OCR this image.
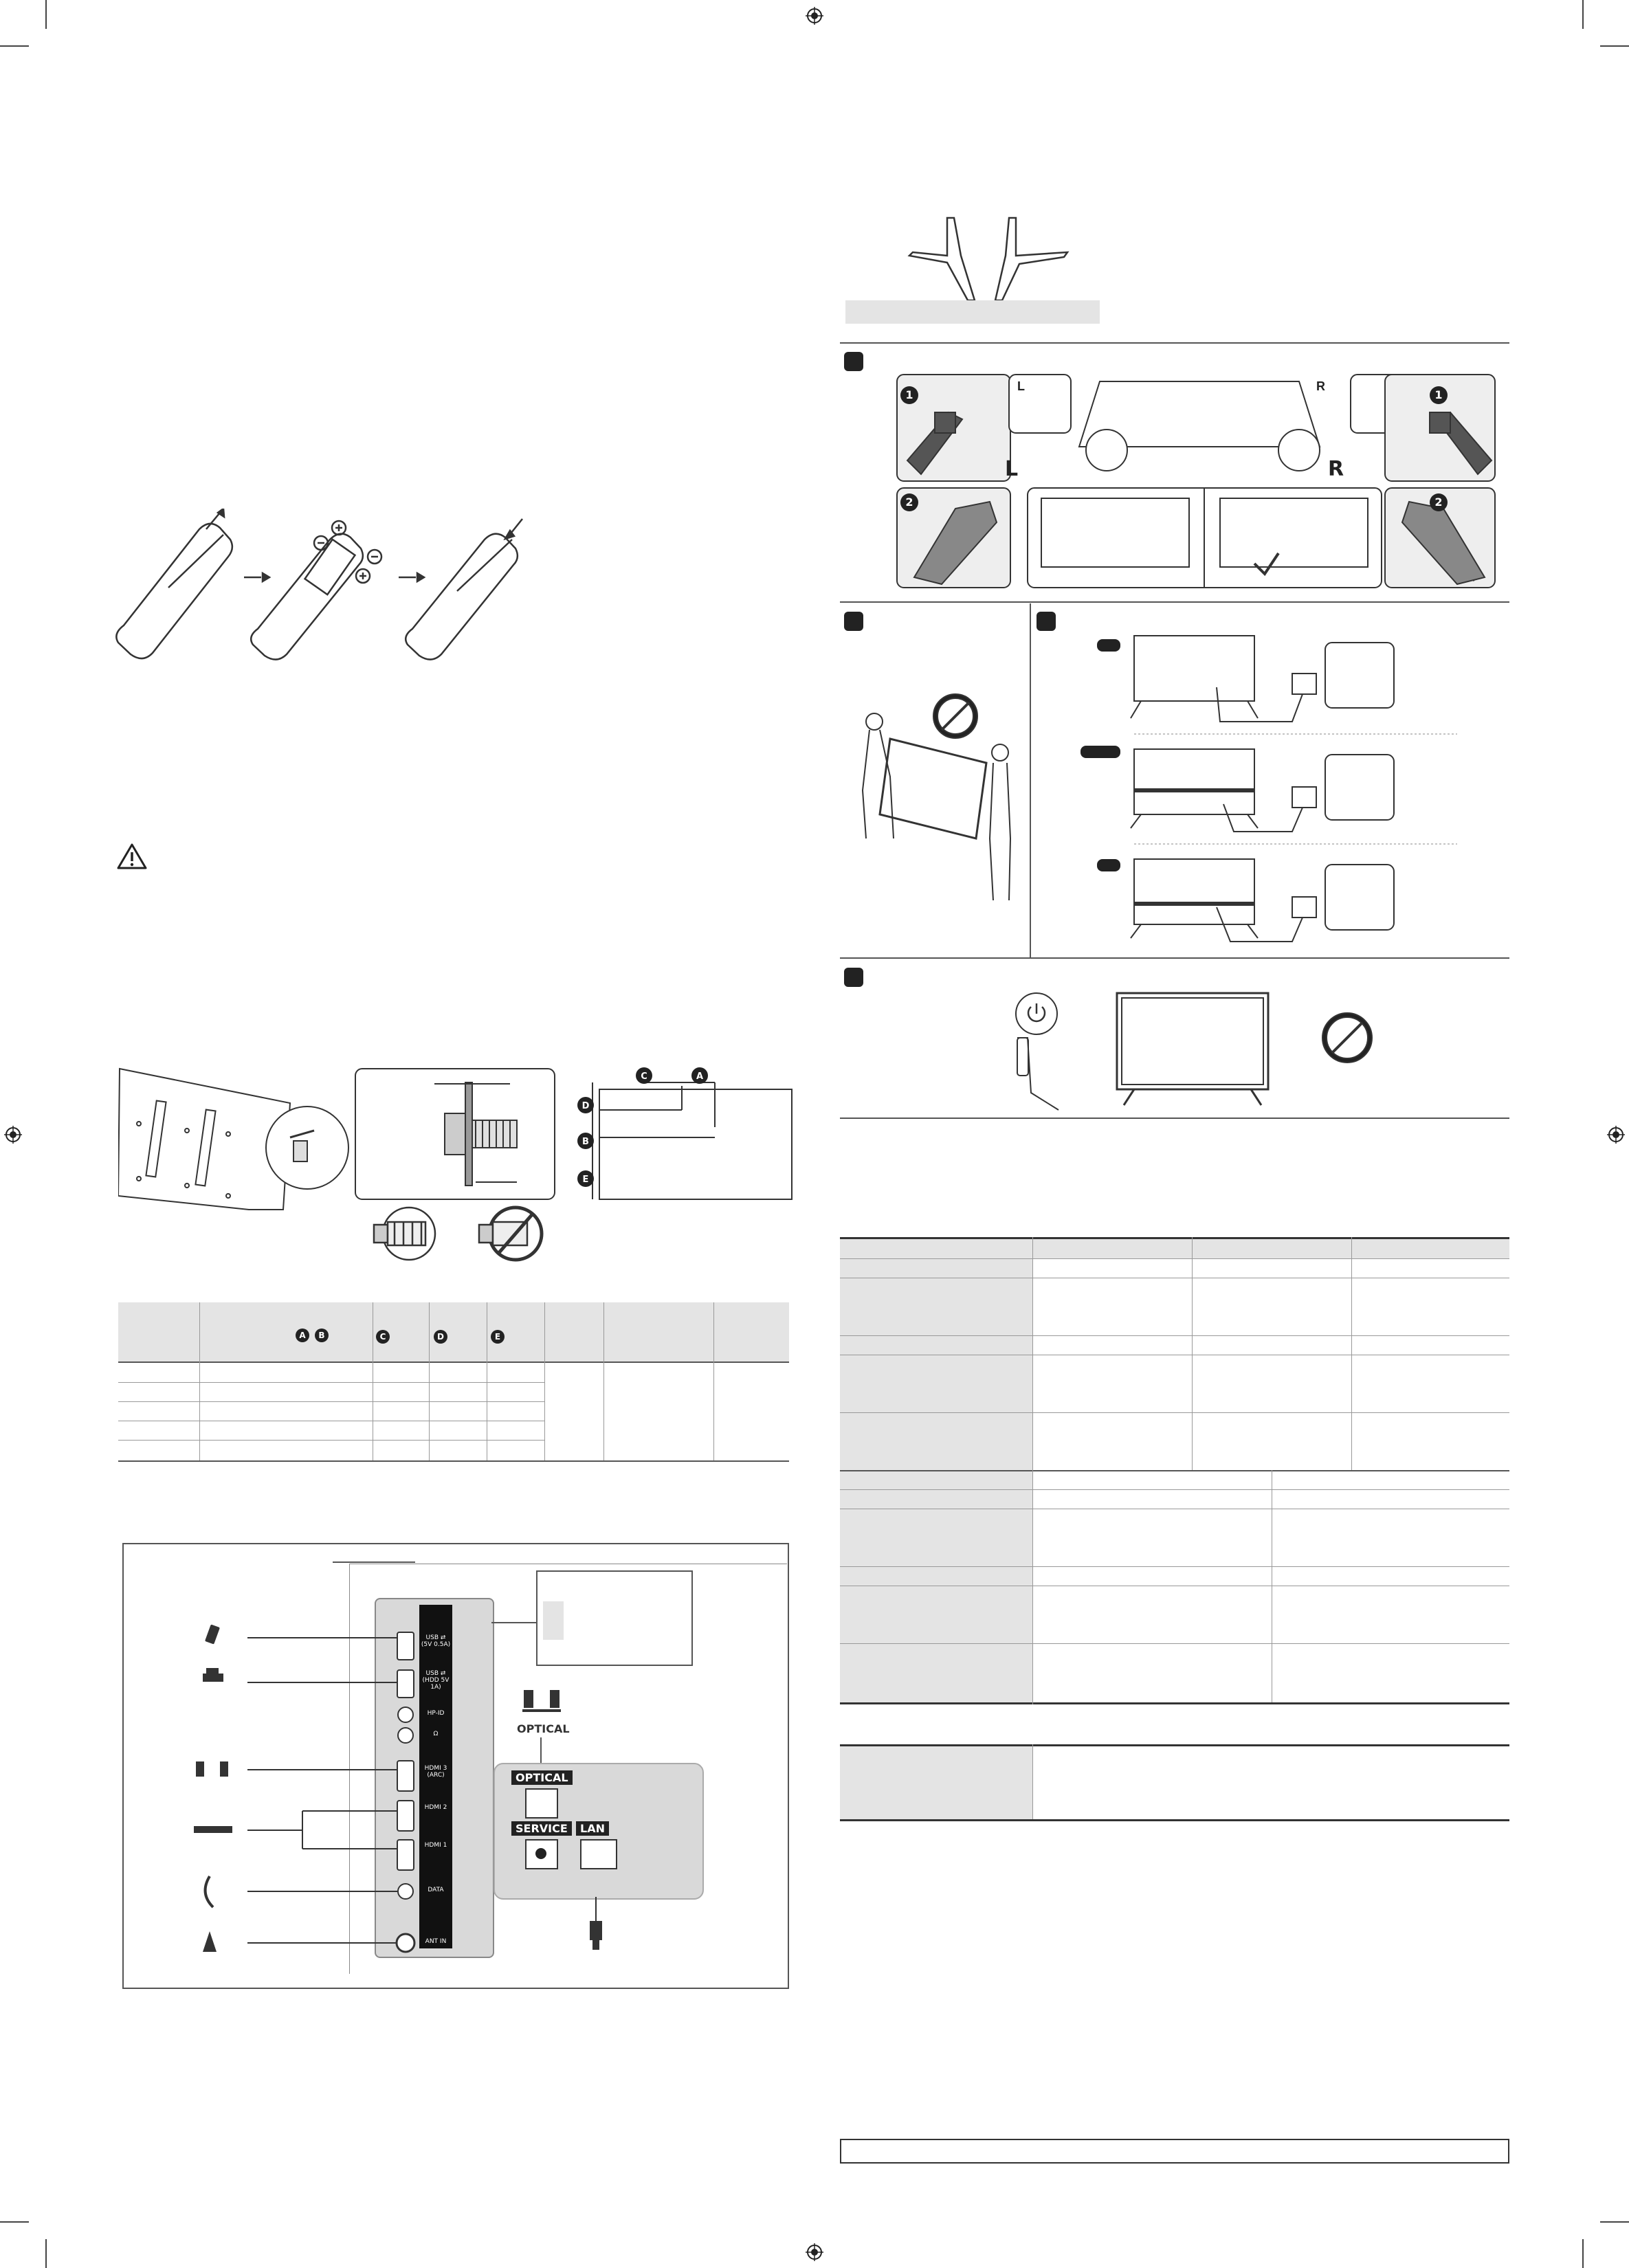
C	A
D
B
E
A	B	C	D	E
USB ⇄ (5V 0.5A)
USB ⇄ (HDD 5V 1A)
HP-ID
Ω
HDMI 3 (ARC)
HDMI 2
HDMI 1
DATA
ANT IN
OPTICAL
OPTICAL
SERVICE	LAN
1
2
1
2
L	R
L	R
